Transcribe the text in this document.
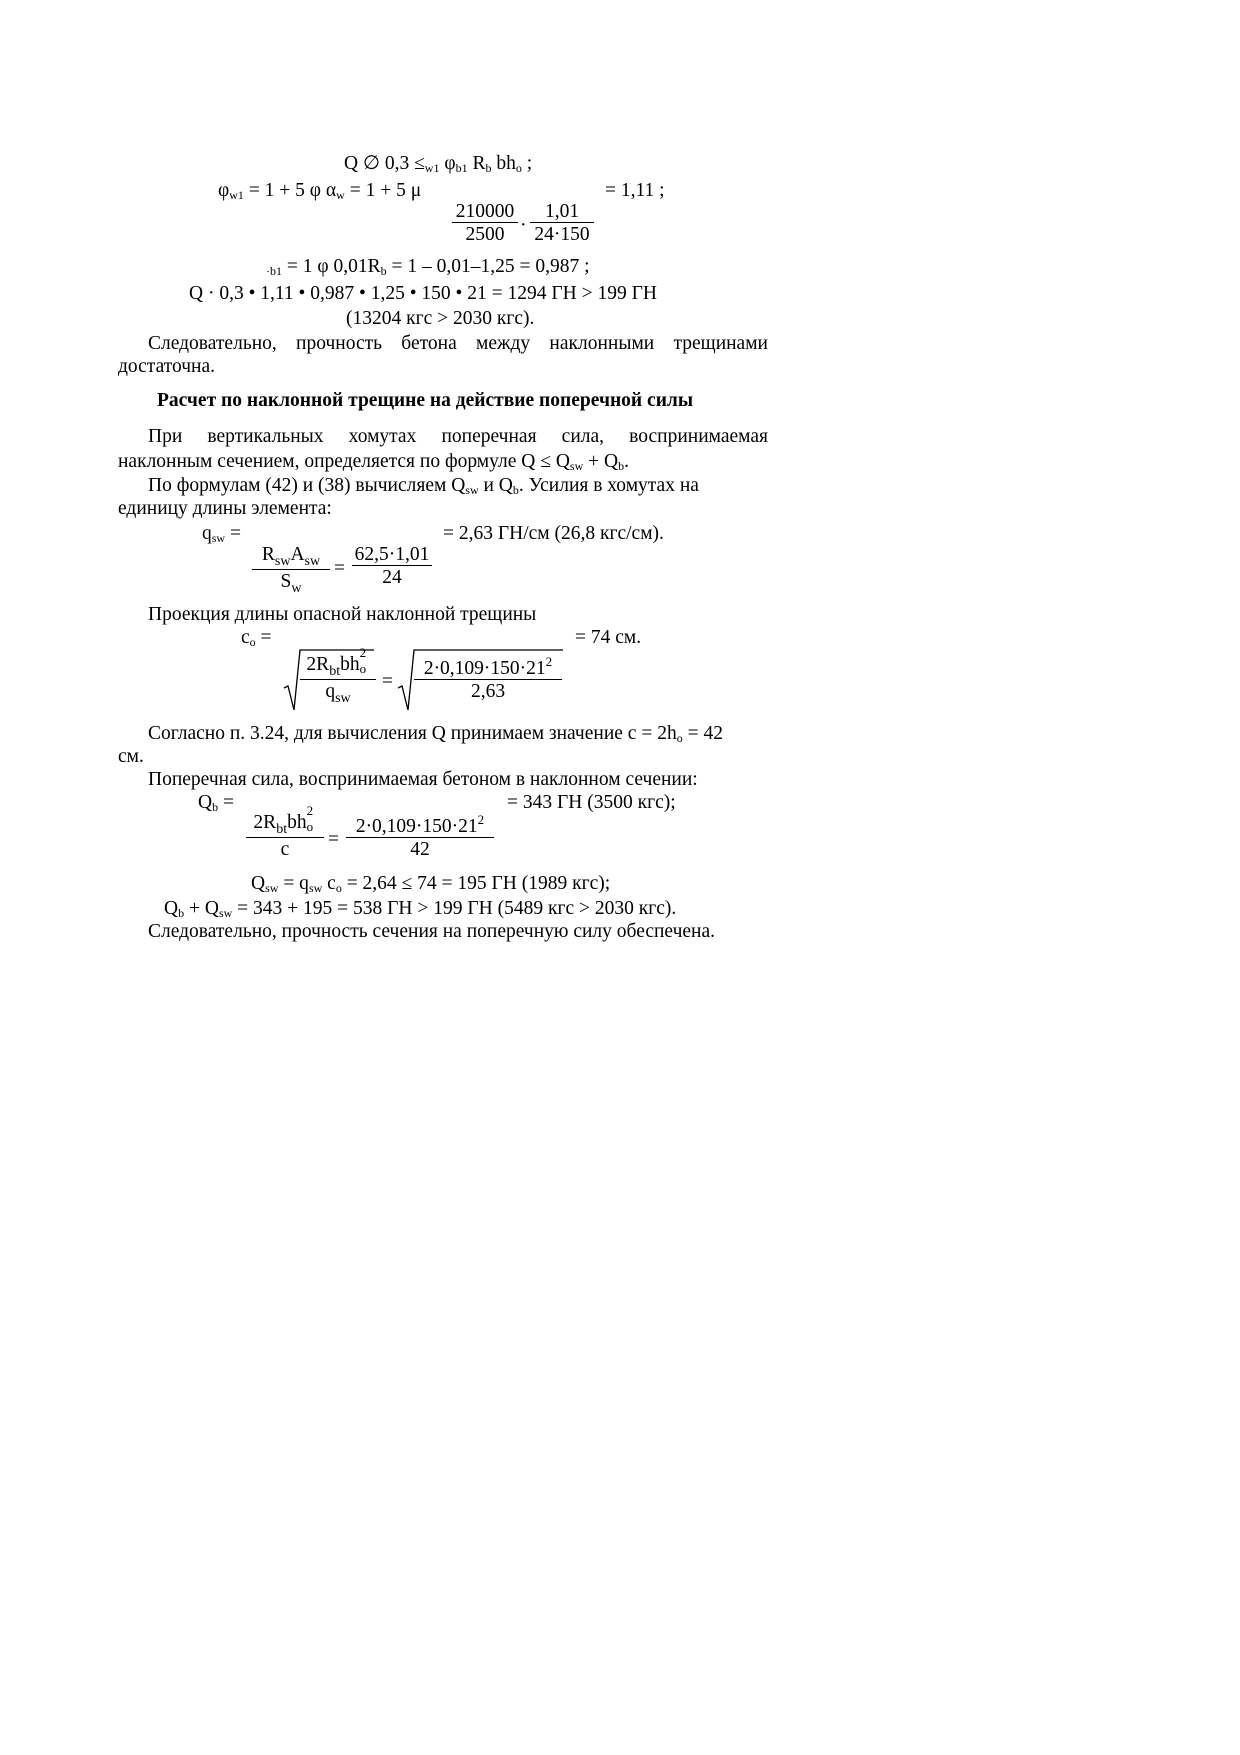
Q ∅ 0,3 ≤w1 φb1 Rb bho ;
φw1 = 1 + 5 φ αw = 1 + 5 μ	= 1,11 ;
$\frac{210000}{2500} \cdot \frac{1,01}{24\cdot 150}$
·b1 = 1 φ 0,01Rb = 1 – 0,01–1,25 = 0,987 ;
Q · 0,3 • 1,11 • 0,987 • 1,25 • 150 • 21 = 1294 ГН > 199 ГН
(13204 кгс > 2030 кгс).
Следовательно, прочность бетона между наклонными трещинами
достаточна.
Расчет по наклонной трещине на действие поперечной силы
При вертикальных хомутах поперечная сила, воспринимаемая
наклонным сечением, определяется по формуле Q ≤ Qsw + Qb.
По формулам (42) и (38) вычисляем Qsw и Qb. Усилия в хомутах на
единицу длины элемента:
qsw =	= 2,63 ГН/см (26,8 кгс/см).
$R_{sw}A_{sw}$
$S_w$
= $\frac{62,5\cdot 1,01}{24}$
Проекция длины опасной наклонной трещины
co =	= 74 см.
$2R_{bt}bh$
2
o
$q_{sw}$
= $\frac{2\cdot 0,109\cdot 150\cdot 21^2}{2,63}$
Согласно п. 3.24, для вычисления Q принимаем значение c = 2ho = 42
см.
Поперечная сила, воспринимаемая бетоном в наклонном сечении:
Qb =	= 343 ГН (3500 кгс);
$2R_{bt}bh$
2
o
c	= $\frac{2\cdot 0,109\cdot 150\cdot 21^2}{42}$
Qsw = qsw co = 2,64 ≤ 74 = 195 ГН (1989 кгс);
Qb + Qsw = 343 + 195 = 538 ГН > 199 ГН (5489 кгс > 2030 кгс).
Следовательно, прочность сечения на поперечную силу обеспечена.
